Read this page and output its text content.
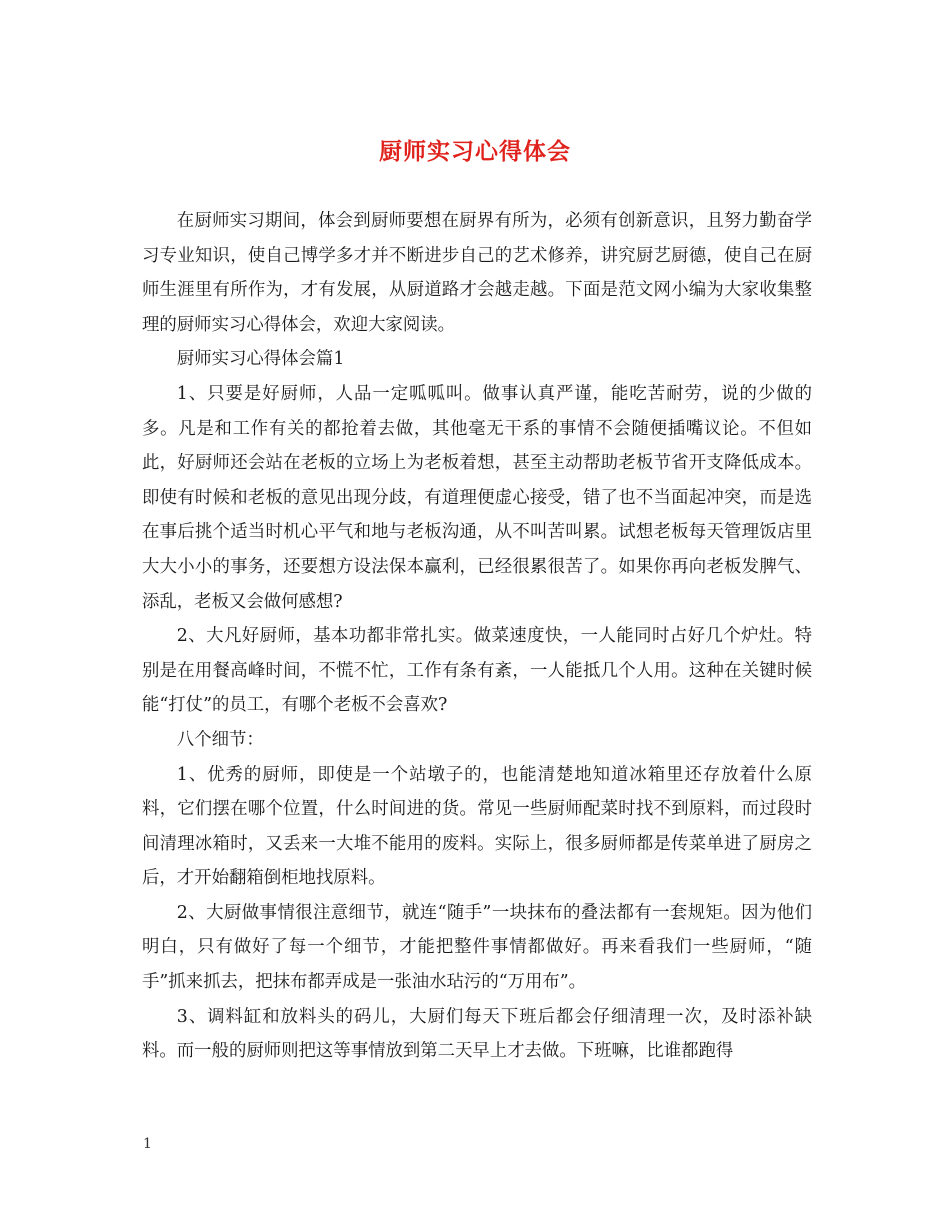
厨师实习心得体会

在厨师实习期间，体会到厨师要想在厨界有所为，必须有创新意识，且努力勤奋学习专业知识，使自己博学多才并不断进步自己的艺术修养，讲究厨艺厨德，使自己在厨师生涯里有所作为，才有发展，从厨道路才会越走越。下面是范文网小编为大家收集整理的厨师实习心得体会，欢迎大家阅读。

厨师实习心得体会篇1

1、只要是好厨师，人品一定呱呱叫。做事认真严谨，能吃苦耐劳，说的少做的多。凡是和工作有关的都抢着去做，其他毫无干系的事情不会随便插嘴议论。不但如此，好厨师还会站在老板的立场上为老板着想，甚至主动帮助老板节省开支降低成本。即使有时候和老板的意见出现分歧，有道理便虚心接受，错了也不当面起冲突，而是选在事后挑个适当时机心平气和地与老板沟通，从不叫苦叫累。试想老板每天管理饭店里大大小小的事务，还要想方设法保本赢利，已经很累很苦了。如果你再向老板发脾气、添乱，老板又会做何感想?

2、大凡好厨师，基本功都非常扎实。做菜速度快，一人能同时占好几个炉灶。特别是在用餐高峰时间，不慌不忙，工作有条有紊，一人能抵几个人用。这种在关键时候能“打仗”的员工，有哪个老板不会喜欢?

八个细节：

1、优秀的厨师，即使是一个站墩子的，也能清楚地知道冰箱里还存放着什么原料，它们摆在哪个位置，什么时间进的货。常见一些厨师配菜时找不到原料，而过段时间清理冰箱时，又丢来一大堆不能用的废料。实际上，很多厨师都是传菜单进了厨房之后，才开始翻箱倒柜地找原料。

2、大厨做事情很注意细节，就连“随手”一块抹布的叠法都有一套规矩。因为他们明白，只有做好了每一个细节，才能把整件事情都做好。再来看我们一些厨师，“随手”抓来抓去，把抹布都弄成是一张油水玷污的“万用布”。

3、调料缸和放料头的码儿，大厨们每天下班后都会仔细清理一次，及时添补缺料。而一般的厨师则把这等事情放到第二天早上才去做。下班嘛，比谁都跑得

1
